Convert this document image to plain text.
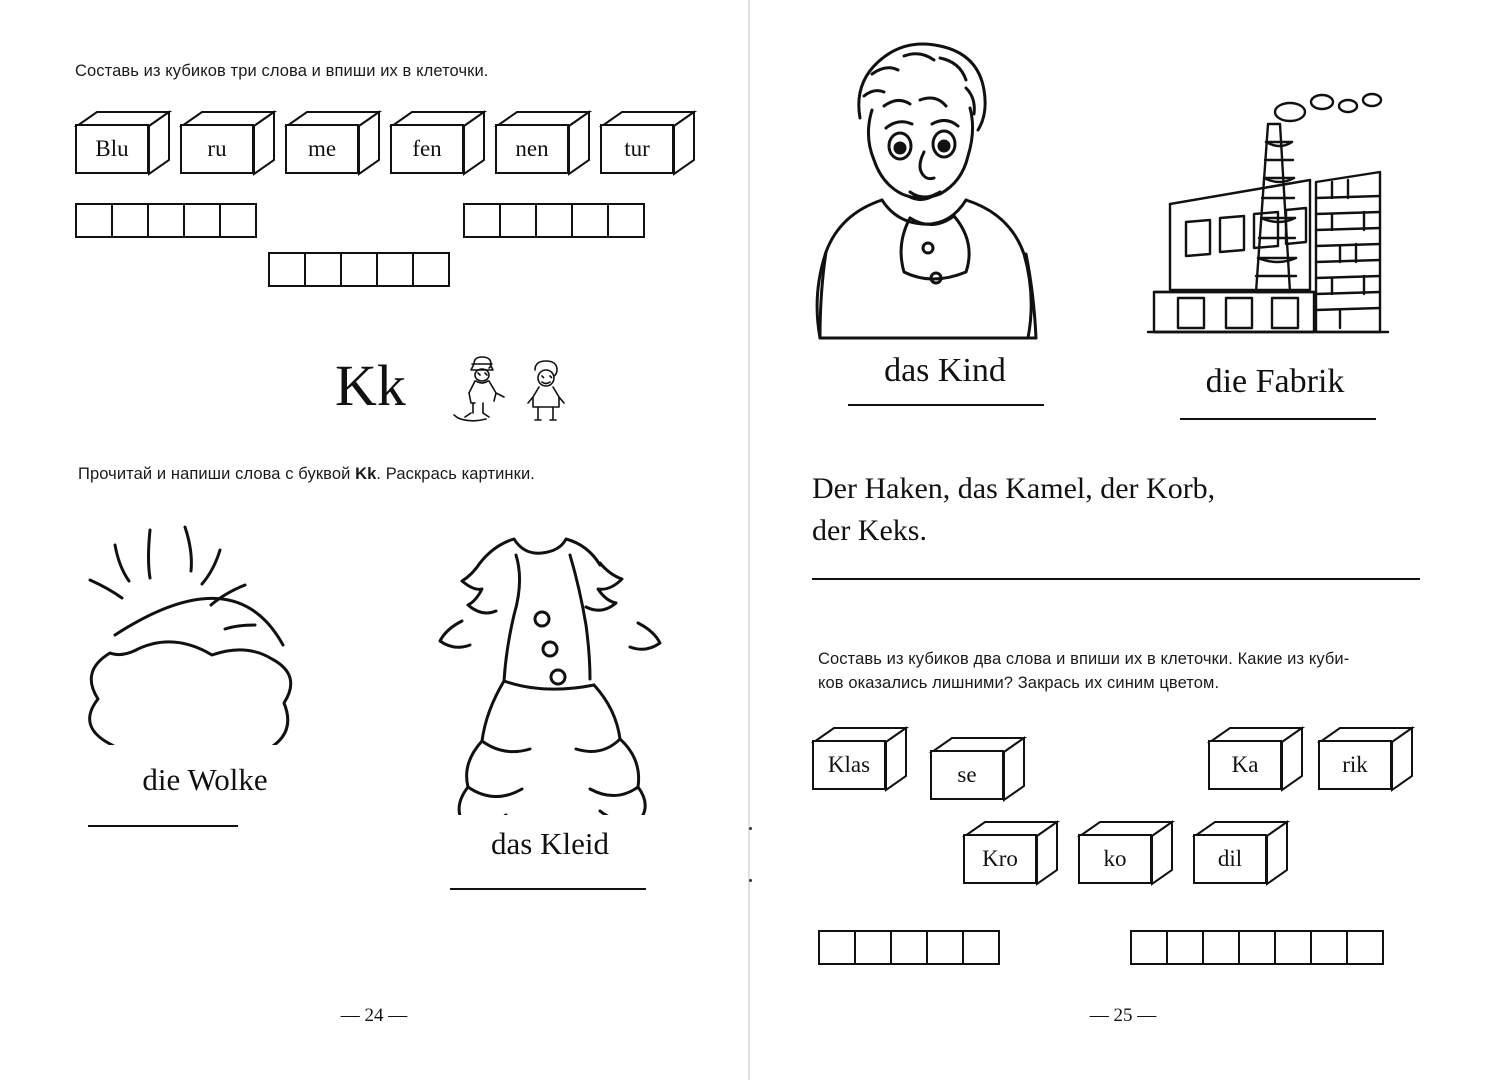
Составь из кубиков три слова и впиши их в клеточки.
Blu	ru	me	fen	nen	tur
Kk
Прочитай и напиши слова с буквой Kk. Раскрась картинки.
die Wolke
das Kleid
— 24 —
das Kind	die Fabrik
Der Haken, das Kamel, der Korb,
der Keks.
Составь из кубиков два слова и впиши их в клеточки. Какие из куби-
ков оказались лишними? Закрась их синим цветом.
Klas	se	Ka	rik
Kro	ko	dil
— 25 —
